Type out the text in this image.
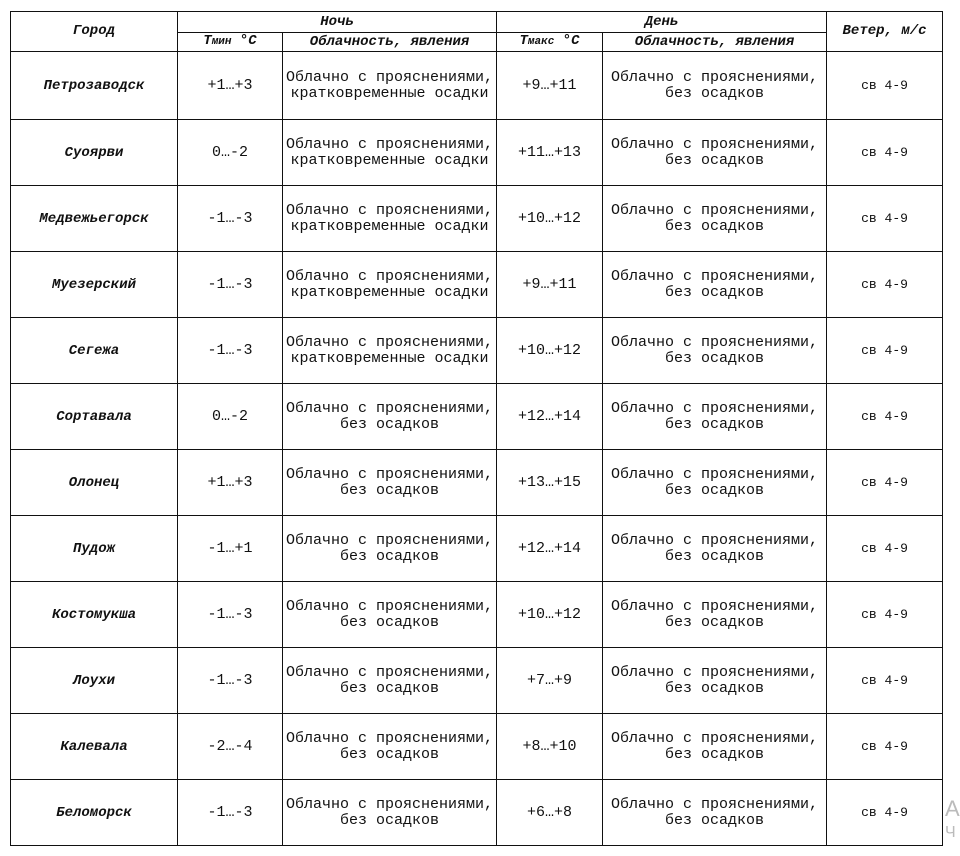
Город	Ночь		День		Ветер, м/с
	Tмин °С	Облачность, явления	Tмакс °С	Облачность, явления	
Петрозаводск	+1…+3	Облачно с прояснениями, кратковременные осадки	+9…+11	Облачно с прояснениями, без осадков	св 4-9
Суоярви	0…-2	Облачно с прояснениями, кратковременные осадки	+11…+13	Облачно с прояснениями, без осадков	св 4-9
Медвежьегорск	-1…-3	Облачно с прояснениями, кратковременные осадки	+10…+12	Облачно с прояснениями, без осадков	св 4-9
Муезерский	-1…-3	Облачно с прояснениями, кратковременные осадки	+9…+11	Облачно с прояснениями, без осадков	св 4-9
Сегежа	-1…-3	Облачно с прояснениями, кратковременные осадки	+10…+12	Облачно с прояснениями, без осадков	св 4-9
Сортавала	0…-2	Облачно с прояснениями, без осадков	+12…+14	Облачно с прояснениями, без осадков	св 4-9
Олонец	+1…+3	Облачно с прояснениями, без осадков	+13…+15	Облачно с прояснениями, без осадков	св 4-9
Пудож	-1…+1	Облачно с прояснениями, без осадков	+12…+14	Облачно с прояснениями, без осадков	св 4-9
Костомукша	-1…-3	Облачно с прояснениями, без осадков	+10…+12	Облачно с прояснениями, без осадков	св 4-9
Лоухи	-1…-3	Облачно с прояснениями, без осадков	+7…+9	Облачно с прояснениями, без осадков	св 4-9
Калевала	-2…-4	Облачно с прояснениями, без осадков	+8…+10	Облачно с прояснениями, без осадков	св 4-9
Беломорск	-1…-3	Облачно с прояснениями, без осадков	+6…+8	Облачно с прояснениями, без осадков	св 4-9 А
Ч
